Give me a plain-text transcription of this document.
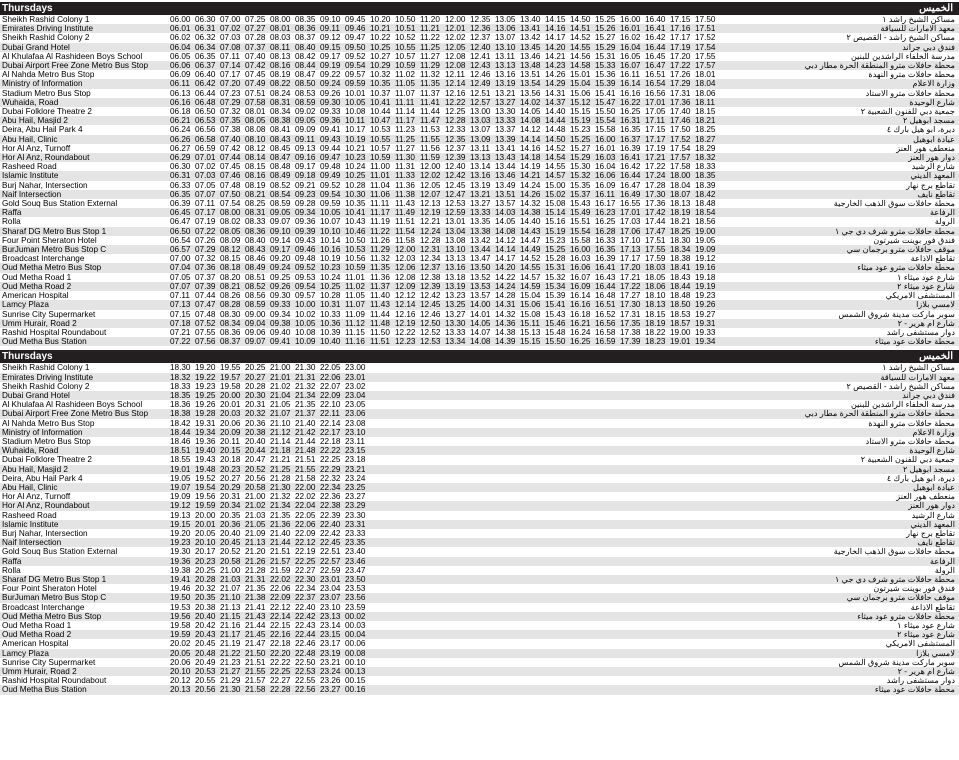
Thursdays	الخميس
Sheikh Rashid Colony 1	06.00	06.30	07.00	07.25	08.00	08.35	09.10	09.45	10.20	10.50	11.20	12.00	12.35	13.05	13.40	14.15	14.50	15.25	16.00	16.40	17.15	17.50	مساكن الشيخ راشد ١
Emirates Driving Institute	06.01	06.31	07.02	07.27	08.01	08.36	09.11	09.46	10.21	10.51	11.21	12.01	12.36	13.06	13.41	14.16	14.51	15.26	16.01	16.41	17.16	17.51	معهد الامارات للسياقة
Sheikh Rashid Colony 2	06.02	06.32	07.03	07.28	08.03	08.37	09.12	09.47	10.22	10.52	11.22	12.02	12.37	13.07	13.42	14.17	14.52	15.27	16.02	16.42	17.17	17.52	مساكن الشيخ راشد - القصيص ٢
Dubai Grand Hotel	06.04	06.34	07.08	07.37	08.11	08.40	09.15	09.50	10.25	10.55	11.25	12.05	12.40	13.10	13.45	14.20	14.55	15.29	16.04	16.44	17.19	17.54	فندق دبي جراند
Al Khulafaa Al Rashideen Boys School	06.05	06.35	07.11	07.40	08.13	08.42	09.17	09.52	10.27	10.57	11.27	12.08	12.41	13.11	13.46	14.21	14.56	15.31	16.05	16.45	17.20	17.55	مدرسة الخلفاء الراشدين للبنين
Dubai Airport Free Zone Metro Bus Stop	06.06	06.37	07.14	07.42	08.16	08.44	09.19	09.54	10.29	10.59	11.29	12.08	12.43	13.13	13.48	14.23	14.58	15.33	16.07	16.47	17.22	17.57	محطة حافلات مترو المنطقة الحرة مطار دبي
Al Nahda Metro Bus Stop	06.09	06.40	07.17	07.45	08.19	08.47	09.22	09.57	10.32	11.02	11.32	12.11	12.46	13.16	13.51	14.26	15.01	15.36	16.11	16.51	17.26	18.01	محطة حافلات مترو النهدة
Ministry of Information	06.11	06.42	07.20	07.49	08.22	08.50	09.24	09.59	10.35	11.05	11.35	12.14	12.49	13.19	13.54	14.29	15.04	15.39	16.14	16.54	17.29	18.04	وزارة الاعلام
Stadium Metro Bus Stop	06.13	06.44	07.23	07.51	08.24	08.53	09.26	10.01	10.37	11.07	11.37	12.16	12.51	13.21	13.56	14.31	15.06	15.41	16.16	16.56	17.31	18.06	محطة حافلات مترو الاستاد
Wuhaida, Road	06.16	06.48	07.29	07.58	08.31	08.59	09.30	10.05	10.41	11.11	11.41	12.22	12.57	13.27	14.02	14.37	15.12	15.47	16.22	17.01	17.36	18.11	شارع الوحيدة
Dubai Folklore Theatre 2	06.18	06.50	07.32	08.01	08.34	09.02	09.33	10.08	10.44	11.14	11.44	12.25	13.00	13.30	14.05	14.40	15.15	15.50	16.25	17.05	17.40	18.15	جمعية دبي للفنون الشعبية ٢
Abu Hail, Masjid 2	06.21	06.53	07.35	08.05	08.38	09.05	09.36	10.11	10.47	11.17	11.47	12.28	13.03	13.33	14.08	14.44	15.19	15.54	16.31	17.11	17.46	18.21	مسجد ابوهيل ٢
Deira, Abu Hail Park 4	06.24	06.56	07.38	08.08	08.41	09.09	09.41	10.17	10.53	11.23	11.53	12.33	13.07	13.37	14.12	14.48	15.23	15.58	16.35	17.15	17.50	18.25	ديرة، ابو هيل بارك ٤
Abu Hail, Clinic	06.26	06.58	07.40	08.10	08.43	09.11	09.43	10.19	10.55	11.25	11.55	12.35	13.09	13.39	14.14	14.50	15.25	16.00	16.37	17.17	17.52	18.27	عيادة ابوهيل
Hor Al Anz, Turnoff	06.27	06.59	07.42	08.12	08.45	09.13	09.44	10.21	10.57	11.27	11.56	12.37	13.11	13.41	14.16	14.52	15.27	16.01	16.39	17.19	17.54	18.29	منعطف هور العنز
Hor Al Anz, Roundabout	06.29	07.01	07.44	08.14	08.47	09.16	09.47	10.23	10.59	11.30	11.59	12.39	13.13	13.43	14.18	14.54	15.29	16.03	16.41	17.21	17.57	18.32	دوار هور العنز
Rasheed Road	06.30	07.02	07.45	08.15	08.48	09.17	09.48	10.24	11.00	11.31	12.00	12.40	13.14	13.44	14.19	14.55	15.30	16.04	16.42	17.22	17.58	18.33	شارع الرشيد
Islamic Institute	06.31	07.03	07.46	08.16	08.49	09.18	09.49	10.25	11.01	11.33	12.02	12.42	13.16	13.46	14.21	14.57	15.32	16.06	16.44	17.24	18.00	18.35	المعهد الديني
Burj Nahar, Intersection	06.33	07.05	07.48	08.19	08.52	09.21	09.52	10.28	11.04	11.36	12.05	12.45	13.19	13.49	14.24	15.00	15.35	16.09	16.47	17.28	18.04	18.39	تقاطع برج نهار
Naif Intersection	06.35	07.07	07.50	08.21	08.54	09.23	09.54	10.30	11.06	11.38	12.07	12.47	13.21	13.51	14.26	15.02	15.37	16.11	16.49	17.30	18.07	18.42	تقاطع نايف
Gold Souq Bus Station External	06.39	07.11	07.54	08.25	08.59	09.28	09.59	10.35	11.11	11.43	12.13	12.53	13.27	13.57	14.32	15.08	15.43	16.17	16.55	17.36	18.13	18.48	محطة حافلات سوق الذهب الخارجية
Raffa	06.45	07.17	08.00	08.31	09.05	09.34	10.05	10.41	11.17	11.49	12.19	12.59	13.33	14.03	14.38	15.14	15.49	16.23	17.01	17.42	18.19	18.54	الرفاعة
Rolla	06.47	07.19	08.02	08.33	09.07	09.36	10.07	10.43	11.19	11.51	12.21	13.01	13.35	14.05	14.40	15.16	15.51	16.25	17.03	17.44	18.21	18.56	الرولة
Sharaf DG Metro Bus Stop 1	06.50	07.22	08.05	08.36	09.10	09.39	10.10	10.46	11.22	11.54	12.24	13.04	13.38	14.08	14.43	15.19	15.54	16.28	17.06	17.47	18.25	19.00	محطة حافلات مترو شرف دي جي ١
Four Point Sheraton Hotel	06.54	07.26	08.09	08.40	09.14	09.43	10.14	10.50	11.26	11.58	12.28	13.08	13.42	14.12	14.47	15.23	15.58	16.33	17.10	17.51	18.30	19.05	فندق فور بوينت شيرتون
BurJuman Metro Bus Stop C	06.57	07.29	08.12	08.43	09.17	09.46	10.16	10.53	11.29	12.00	12.31	13.10	13.44	14.14	14.49	15.25	16.00	16.35	17.13	17.55	18.34	19.09	موقف حافلات مترو برجمان سي
Broadcast Interchange	07.00	07.32	08.15	08.46	09.20	09.48	10.19	10.56	11.32	12.03	12.34	13.13	13.47	14.17	14.52	15.28	16.03	16.39	17.17	17.59	18.38	19.12	تقاطع الاذاعة
Oud Metha Metro Bus Stop	07.04	07.36	08.18	08.49	09.24	09.52	10.23	10.59	11.35	12.06	12.37	13.16	13.50	14.20	14.55	15.31	16.06	16.41	17.20	18.03	18.41	19.16	محطة حافلات مترو عود ميثاء
Oud Metha Road 1	07.05	07.37	08.20	08.51	09.25	09.53	10.24	11.01	11.36	12.08	12.38	13.18	13.52	14.22	14.57	15.32	16.07	16.43	17.21	18.05	18.43	19.18	شارع عود ميثاء ١
Oud Metha Road 2	07.07	07.39	08.21	08.52	09.26	09.54	10.25	11.02	11.37	12.09	12.39	13.19	13.53	14.24	14.59	15.34	16.09	16.44	17.22	18.06	18.44	19.19	شارع عود ميثاء ٢
American Hospital	07.11	07.44	08.26	08.56	09.30	09.57	10.28	11.05	11.40	12.12	12.42	13.23	13.57	14.28	15.04	15.39	16.14	16.48	17.27	18.10	18.48	19.23	المستشفى الامريكي
Lamcy Plaza	07.13	07.47	08.28	08.59	09.33	10.00	10.31	11.07	11.43	12.14	12.45	13.25	14.00	14.31	15.06	15.41	16.16	16.51	17.30	18.13	18.50	19.26	لامسي بلازا
Sunrise City Supermarket	07.15	07.48	08.30	09.00	09.34	10.02	10.33	11.09	11.44	12.16	12.46	13.27	14.01	14.32	15.08	15.43	16.18	16.52	17.31	18.15	18.53	19.27	سوبر ماركت مدينة شروق الشمس
Umm Hurair, Road 2	07.18	07.52	08.34	09.04	09.38	10.05	10.36	11.12	11.48	12.19	12.50	13.30	14.05	14.36	15.11	15.46	16.21	16.56	17.35	18.19	18.57	19.31	شارع ام هرير - ٢
Rashid Hospital Roundabout	07.21	07.55	08.36	09.06	09.40	10.08	10.39	11.15	11.50	12.22	12.52	13.33	14.07	14.38	15.13	15.48	16.24	16.58	17.38	18.22	19.00	19.33	دوار مستشفى راشد
Oud Metha Bus Station	07.22	07.56	08.37	09.07	09.41	10.09	10.40	11.16	11.51	12.23	12.53	13.34	14.08	14.39	15.15	15.50	16.25	16.59	17.39	18.23	19.01	19.34	محطة حافلات عود ميثاء
Thursdays	الخميس
Sheikh Rashid Colony 1	18.30	19.20	19.55	20.25	21.00	21.30	22.05	23.00	مساكن الشيخ راشد ١
Emirates Driving Institute	18.32	19.22	19.57	20.27	21.01	21.31	22.06	23.01	معهد الامارات للسياقة
Sheikh Rashid Colony 2	18.33	19.23	19.58	20.28	21.02	21.32	22.07	23.02	مساكن الشيخ راشد - القصيص ٢
Dubai Grand Hotel	18.35	19.25	20.00	20.30	21.04	21.34	22.09	23.04	فندق دبي جراند
Al Khulafaa Al Rashideen Boys School	18.36	19.26	20.01	20.31	21.05	21.35	22.10	23.05	مدرسة الخلفاء الراشدين للبنين
Dubai Airport Free Zone Metro Bus Stop	18.38	19.28	20.03	20.32	21.07	21.37	22.11	23.06	محطة حافلات مترو المنطقة الحرة مطار دبي
Al Nahda Metro Bus Stop	18.42	19.31	20.06	20.36	21.10	21.40	22.14	23.08	محطة حافلات مترو النهدة
Ministry of Information	18.44	19.34	20.09	20.38	21.12	21.42	22.17	23.10	وزارة الاعلام
Stadium Metro Bus Stop	18.46	19.36	20.11	20.40	21.14	21.44	22.18	23.11	محطة حافلات مترو الاستاد
Wuhaida, Road	18.51	19.40	20.15	20.44	21.18	21.48	22.22	23.15	شارع الوحيدة
Dubai Folklore Theatre 2	18.55	19.43	20.18	20.47	21.21	21.51	22.25	23.18	جمعية دبي للفنون الشعبية ٢
Abu Hail, Masjid 2	19.01	19.48	20.23	20.52	21.25	21.55	22.29	23.21	مسجد ابوهيل ٢
Deira, Abu Hail Park 4	19.05	19.52	20.27	20.56	21.28	21.58	22.32	23.24	ديرة، ابو هيل بارك ٤
Abu Hail, Clinic	19.07	19.54	20.29	20.58	21.30	22.00	22.34	23.25	عيادة ابوهيل
Hor Al Anz, Turnoff	19.09	19.56	20.31	21.00	21.32	22.02	22.36	23.27	منعطف هور العنز
Hor Al Anz, Roundabout	19.12	19.59	20.34	21.02	21.34	22.04	22.38	23.29	دوار هور العنز
Rasheed Road	19.13	20.00	20.35	21.03	21.35	22.05	22.39	23.30	شارع الرشيد
Islamic Institute	19.15	20.01	20.36	21.05	21.36	22.06	22.40	23.31	المعهد الديني
Burj Nahar, Intersection	19.20	20.05	20.40	21.09	21.40	22.09	22.42	23.33	تقاطع برج نهار
Naif Intersection	19.23	20.10	20.45	21.13	21.44	22.12	22.45	23.35	تقاطع نايف
Gold Souq Bus Station External	19.30	20.17	20.52	21.20	21.51	22.19	22.51	23.40	محطة حافلات سوق الذهب الخارجية
Raffa	19.36	20.23	20.58	21.26	21.57	22.25	22.57	23.46	الرفاعة
Rolla	19.38	20.25	21.00	21.28	21.59	22.27	22.59	23.47	الرولة
Sharaf DG Metro Bus Stop 1	19.41	20.28	21.03	21.31	22.02	22.30	23.01	23.50	محطة حافلات مترو شرف دي جي ١
Four Point Sheraton Hotel	19.46	20.32	21.07	21.35	22.06	22.34	23.04	23.53	فندق فور بوينت شيرتون
BurJuman Metro Bus Stop C	19.50	20.35	21.10	21.38	22.09	22.37	23.07	23.56	موقف حافلات مترو برجمان سي
Broadcast Interchange	19.53	20.38	21.13	21.41	22.12	22.40	23.10	23.59	تقاطع الاذاعة
Oud Metha Metro Bus Stop	19.56	20.40	21.15	21.43	22.14	22.42	23.13	00.02	محطة حافلات مترو عود ميثاء
Oud Metha Road 1	19.58	20.42	21.16	21.44	22.15	22.43	23.14	00.03	شارع عود ميثاء ١
Oud Metha Road 2	19.59	20.43	21.17	21.45	22.16	22.44	23.15	00.04	شارع عود ميثاء ٢
American Hospital	20.02	20.45	21.19	21.47	22.18	22.46	23.17	00.06	المستشفى الامريكي
Lamcy Plaza	20.05	20.48	21.22	21.50	22.20	22.48	23.19	00.08	لامسي بلازا
Sunrise City Supermarket	20.06	20.49	21.23	21.51	22.22	22.50	23.21	00.10	سوبر ماركت مدينة شروق الشمس
Umm Hurair, Road 2	20.10	20.53	21.27	21.55	22.25	22.53	23.24	00.13	شارع ام هرير - ٢
Rashid Hospital Roundabout	20.12	20.55	21.29	21.57	22.27	22.55	23.26	00.15	دوار مستشفى راشد
Oud Metha Bus Station	20.13	20.56	21.30	21.58	22.28	22.56	23.27	00.16	محطة حافلات عود ميثاء
